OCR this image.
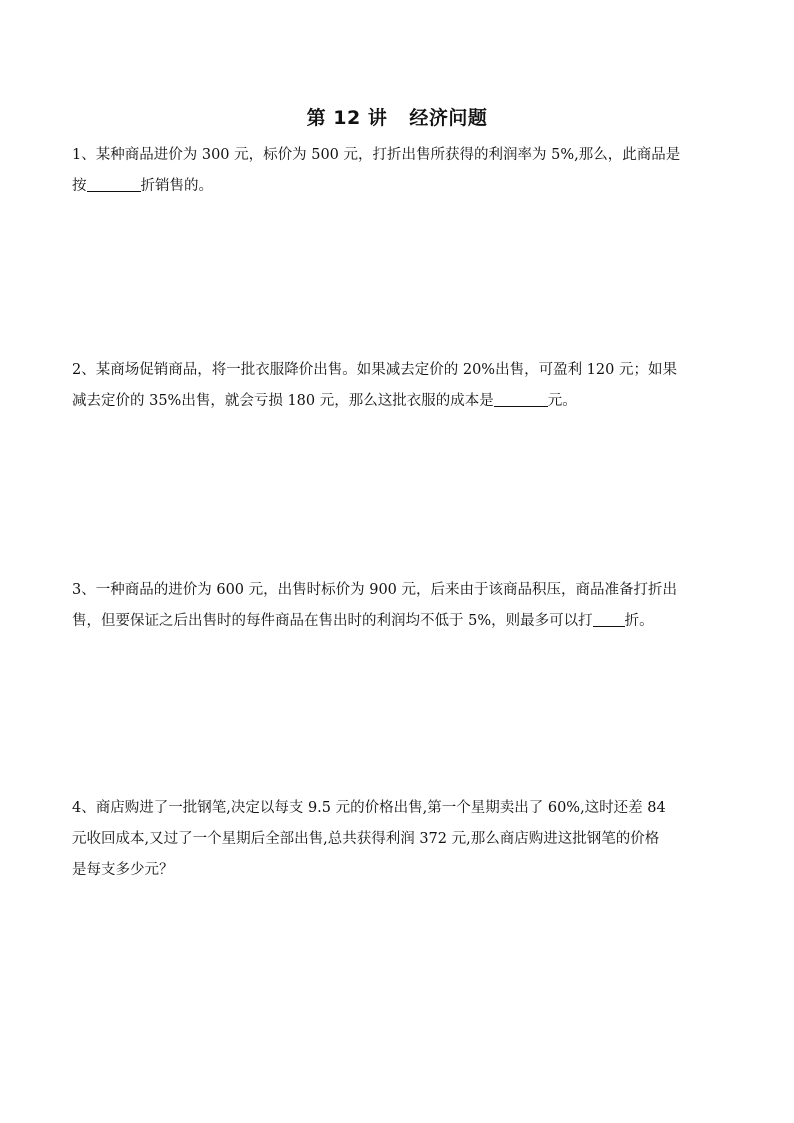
第 12 讲 经济问题
1、某种商品进价为 300 元，标价为 500 元，打折出售所获得的利润率为 5%,那么，此商品是
按	折销售的。
2、某商场促销商品，将一批衣服降价出售。如果减去定价的 20%出售，可盈利 120 元；如果
减去定价的 35%出售，就会亏损 180 元，那么这批衣服的成本是	元。
3、一种商品的进价为 600 元，出售时标价为 900 元，后来由于该商品积压，商品准备打折出
售，但要保证之后出售时的每件商品在售出时的利润均不低于 5%，则最多可以打 折。
4、商店购进了一批钢笔,决定以每支 9.5 元的价格出售,第一个星期卖出了 60%,这时还差 84
元收回成本,又过了一个星期后全部出售,总共获得利润 372 元,那么商店购进这批钢笔的价格
是每支多少元？
